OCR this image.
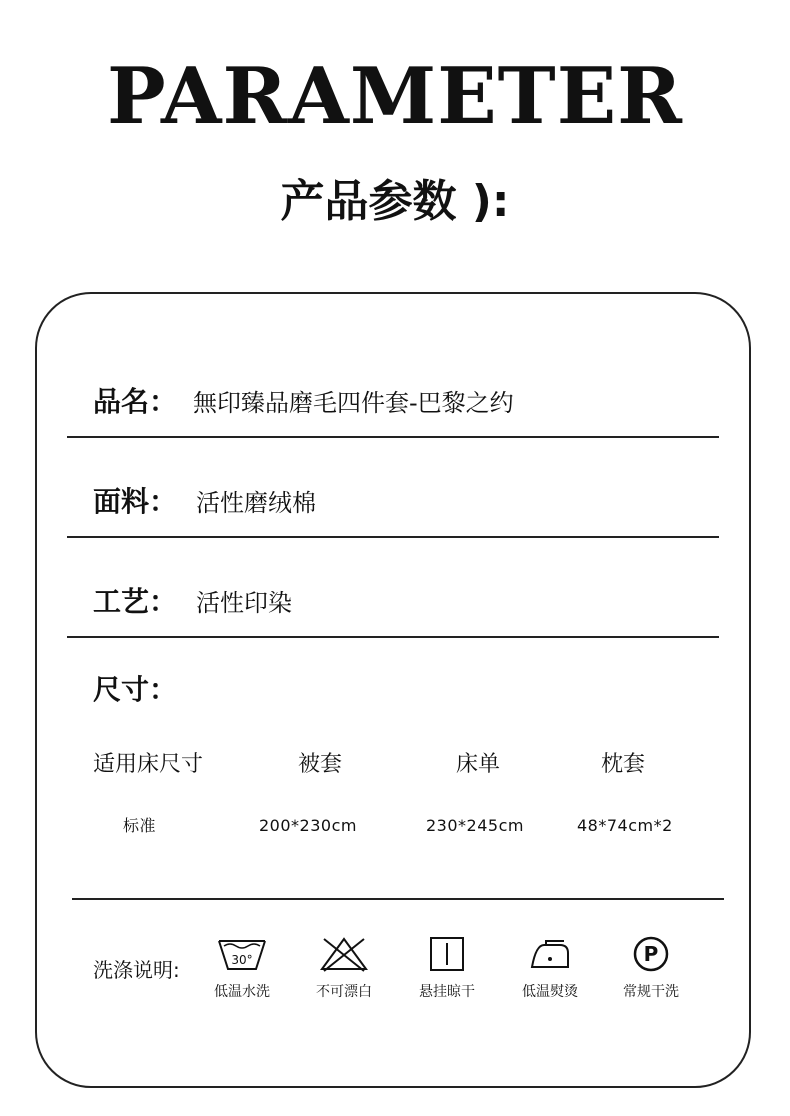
PARAMETER
产品参数 ):
品名： 無印臻品磨毛四件套-巴黎之约
面料： 活性磨绒棉
工艺： 活性印染
尺寸：
适用床尺寸	被套	床单	枕套
标准	200*230cm	230*245cm	48*74cm*2
洗涤说明:	30°
低温水洗	不可漂白	悬挂晾干	低温熨烫
P
常规干洗
